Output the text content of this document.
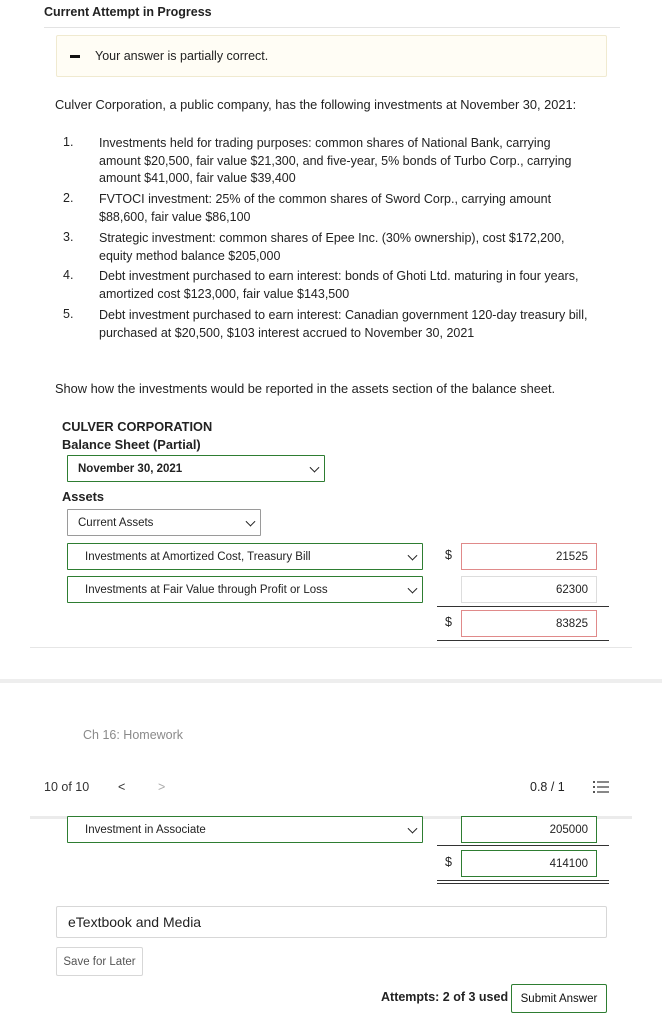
Current Attempt in Progress
Your answer is partially correct.
Culver Corporation, a public company, has the following investments at November 30, 2021:
1. Investments held for trading purposes: common shares of National Bank, carrying
amount $20,500, fair value $21,300, and five-year, 5% bonds of Turbo Corp., carrying
amount $41,000, fair value $39,400
2. FVTOCI investment: 25% of the common shares of Sword Corp., carrying amount
$88,600, fair value $86,100
3. Strategic investment: common shares of Epee Inc. (30% ownership), cost $172,200,
equity method balance $205,000
4. Debt investment purchased to earn interest: bonds of Ghoti Ltd. maturing in four years,
amortized cost $123,000, fair value $143,500
5. Debt investment purchased to earn interest: Canadian government 120-day treasury bill,
purchased at $20,500, $103 interest accrued to November 30, 2021
Show how the investments would be reported in the assets section of the balance sheet.
CULVER CORPORATION
Balance Sheet (Partial)
November 30, 2021
Assets
Current Assets
Investments at Amortized Cost, Treasury Bill	$	21525
Investments at Fair Value through Profit or Loss	62300
$	83825
Ch 16: Homework
10 of 10 <	>	0.8 / 1
Investment in Associate	205000
$	414100
eTextbook and Media
Save for Later
Attempts: 2 of 3 used	Submit Answer
